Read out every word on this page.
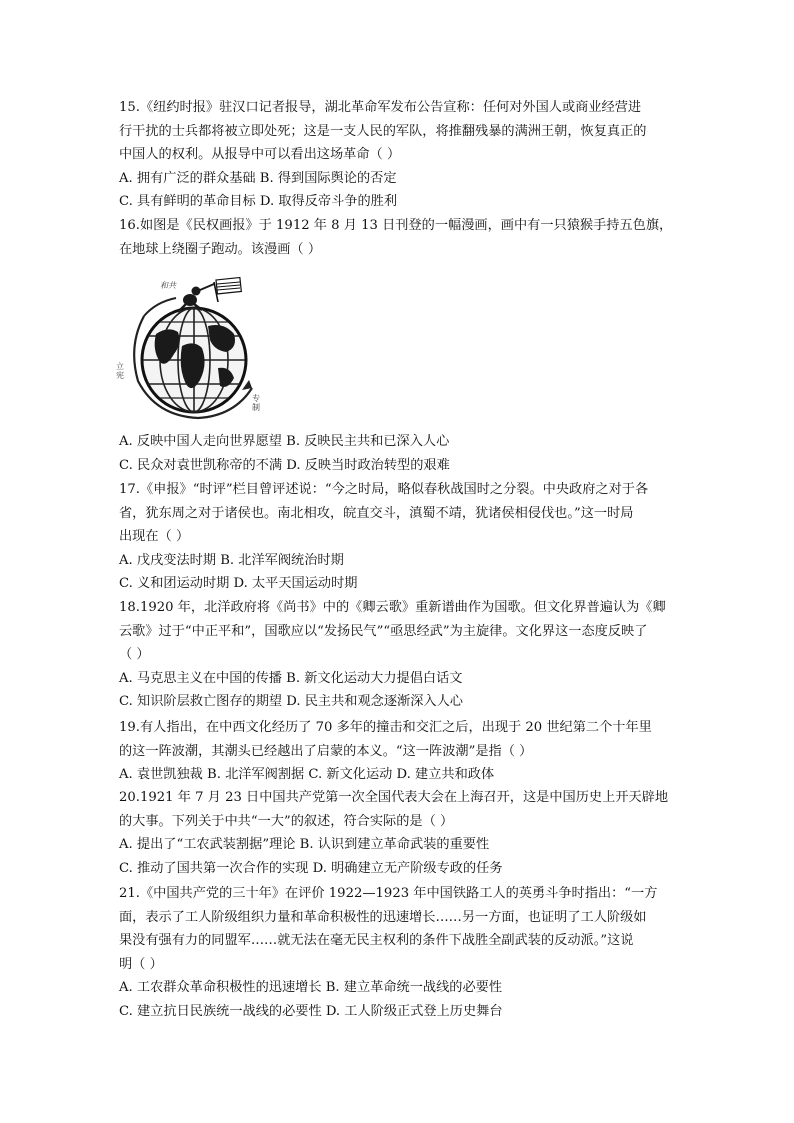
15.《纽约时报》驻汉口记者报导，湖北革命军发布公告宣称：任何对外国人或商业经营进

行干扰的士兵都将被立即处死；这是一支人民的军队，将推翻残暴的满洲王朝，恢复真正的

中国人的权利。从报导中可以看出这场革命（ ）

A. 拥有广泛的群众基础 B. 得到国际舆论的否定

C. 具有鲜明的革命目标 D. 取得反帝斗争的胜利

16.如图是《民权画报》于 1912 年 8 月 13 日刊登的一幅漫画，画中有一只猿猴手持五色旗，

在地球上绕圈子跑动。该漫画（ ）

和共
立宪
专制

A. 反映中国人走向世界愿望 B. 反映民主共和已深入人心

C. 民众对袁世凯称帝的不满 D. 反映当时政治转型的艰难

17.《申报》“时评”栏目曾评述说：“今之时局，略似春秋战国时之分裂。中央政府之对于各

省，犹东周之对于诸侯也。南北相攻，皖直交斗，滇蜀不靖，犹诸侯相侵伐也。”这一时局

出现在（ ）

A. 戊戌变法时期 B. 北洋军阀统治时期

C. 义和团运动时期 D. 太平天国运动时期

18.1920 年，北洋政府将《尚书》中的《卿云歌》重新谱曲作为国歌。但文化界普遍认为《卿

云歌》过于“中正平和”，国歌应以“发扬民气”“亟思经武”为主旋律。文化界这一态度反映了

（ ）

A. 马克思主义在中国的传播 B. 新文化运动大力提倡白话文

C. 知识阶层救亡图存的期望 D. 民主共和观念逐渐深入人心

19.有人指出，在中西文化经历了 70 多年的撞击和交汇之后，出现于 20 世纪第二个十年里

的这一阵波潮，其潮头已经越出了启蒙的本义。“这一阵波潮”是指（ ）

A. 袁世凯独裁 B. 北洋军阀割据 C. 新文化运动 D. 建立共和政体

20.1921 年 7 月 23 日中国共产党第一次全国代表大会在上海召开，这是中国历史上开天辟地

的大事。下列关于中共“一大”的叙述，符合实际的是（ ）

A. 提出了“工农武装割据”理论 B. 认识到建立革命武装的重要性

C. 推动了国共第一次合作的实现 D. 明确建立无产阶级专政的任务

21.《中国共产党的三十年》在评价 1922—1923 年中国铁路工人的英勇斗争时指出：“一方

面，表示了工人阶级组织力量和革命积极性的迅速增长……另一方面，也证明了工人阶级如

果没有强有力的同盟军……就无法在毫无民主权利的条件下战胜全副武装的反动派。”这说

明（ ）

A. 工农群众革命积极性的迅速增长 B. 建立革命统一战线的必要性

C. 建立抗日民族统一战线的必要性 D. 工人阶级正式登上历史舞台
